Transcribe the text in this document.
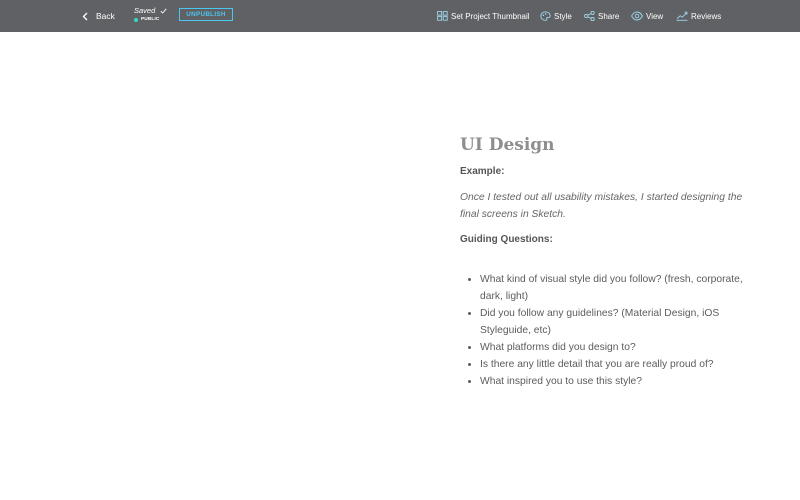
Back
Saved
PUBLIC
UNPUBLISH	Set Project Thumbnail	Style	Share	View	Reviews
UI Design
Example:
Once I tested out all usability mistakes, I started designing the final screens in Sketch.
Guiding Questions:
• What kind of visual style did you follow? (fresh, corporate, dark, light)
• Did you follow any guidelines? (Material Design, iOS Styleguide, etc)
• What platforms did you design to?
• Is there any little detail that you are really proud of?
• What inspired you to use this style?
